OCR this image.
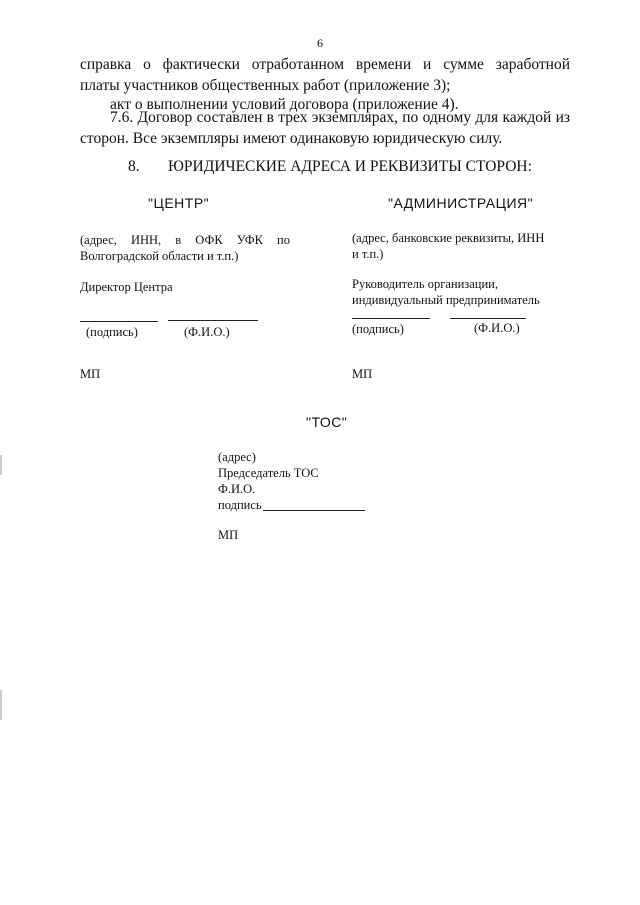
6
справка о фактически отработанном времени и сумме заработной
платы участников общественных работ (приложение 3);
акт о выполнении условий договора (приложение 4).
7.6. Договор составлен в трех экземплярах, по одному для каждой из
сторон. Все экземпляры имеют одинаковую юридическую силу.
8. ЮРИДИЧЕСКИЕ АДРЕСА И РЕКВИЗИТЫ СТОРОН:
"ЦЕНТР"
(адрес, ИНН, в ОФК УФК по
Волгоградской области и т.п.)
Директор Центра
(подпись)	(Ф.И.О.)
МП
"АДМИНИСТРАЦИЯ"
(адрес, банковские реквизиты, ИНН
и т.п.)
Руководитель организации,
индивидуальный предприниматель
(подпись)	(Ф.И.О.)
МП
"ТОС"
(адрес)
Председатель ТОС
Ф.И.О.
подпись
МП
